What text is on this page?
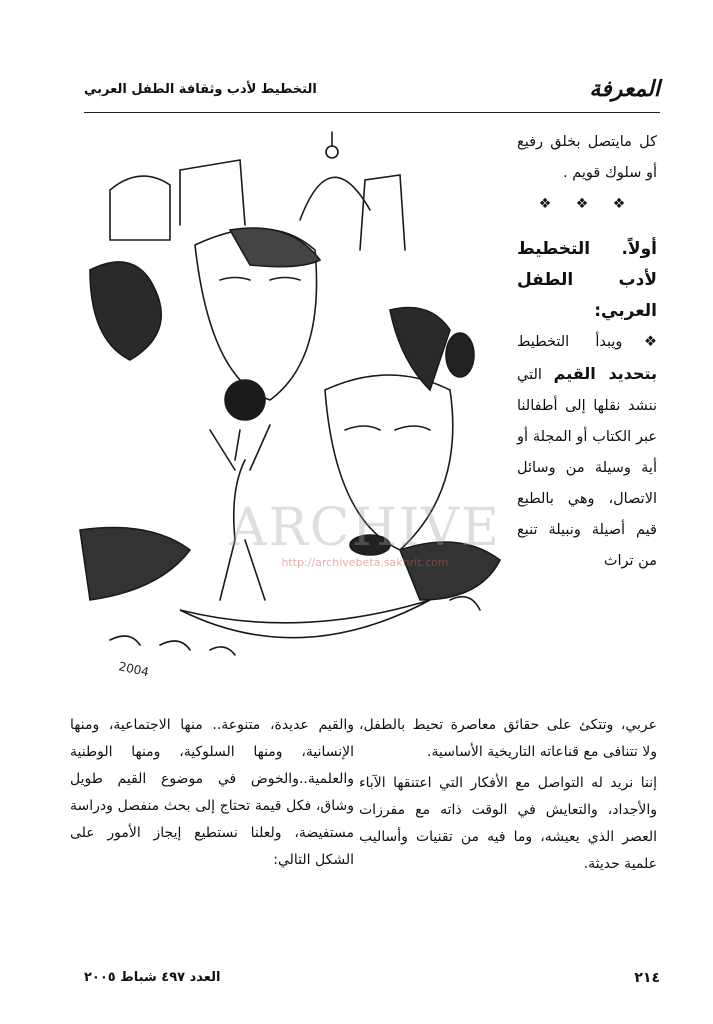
المعرفة
التخطيط لأدب وثقافة الطفل العربي
2004
ARCHIVE
http://archivebeta.sakhrit.com

كل مايتصل بخلق رفيع أو سلوك قويم .

❖ ❖ ❖

أولاً. التخطيط لأدب الطفل العربي:

❖ويبدأ التخطيط بتحديد القيم التي ننشد نقلها إلى أطفالنا عبر الكتاب أو المجلة أو أية وسيلة من وسائل الاتصال، وهي بالطبع قيم أصيلة ونبيلة تنبع من تراث

عربي، وتتكئ على حقائق معاصرة تحيط بالطفل، ولا تتنافى مع قناعاته التاريخية الأساسية.

إننا نريد له التواصل مع الأفكار التي اعتنقها الآباء والأجداد، والتعايش في الوقت ذاته مع مفرزات العصر الذي يعيشه، وما فيه من تقنيات وأساليب علمية حديثة.

والقيم عديدة، متنوعة.. منها الاجتماعية، ومنها الإنسانية، ومنها السلوكية، ومنها الوطنية والعلمية..والخوض في موضوع القيم طويل وشاق، فكل قيمة تحتاج إلى بحث منفصل ودراسة مستفيضة، ولعلنا نستطيع إيجاز الأمور على الشكل التالي:

٢١٤
العدد ٤٩٧ شباط ٢٠٠٥
